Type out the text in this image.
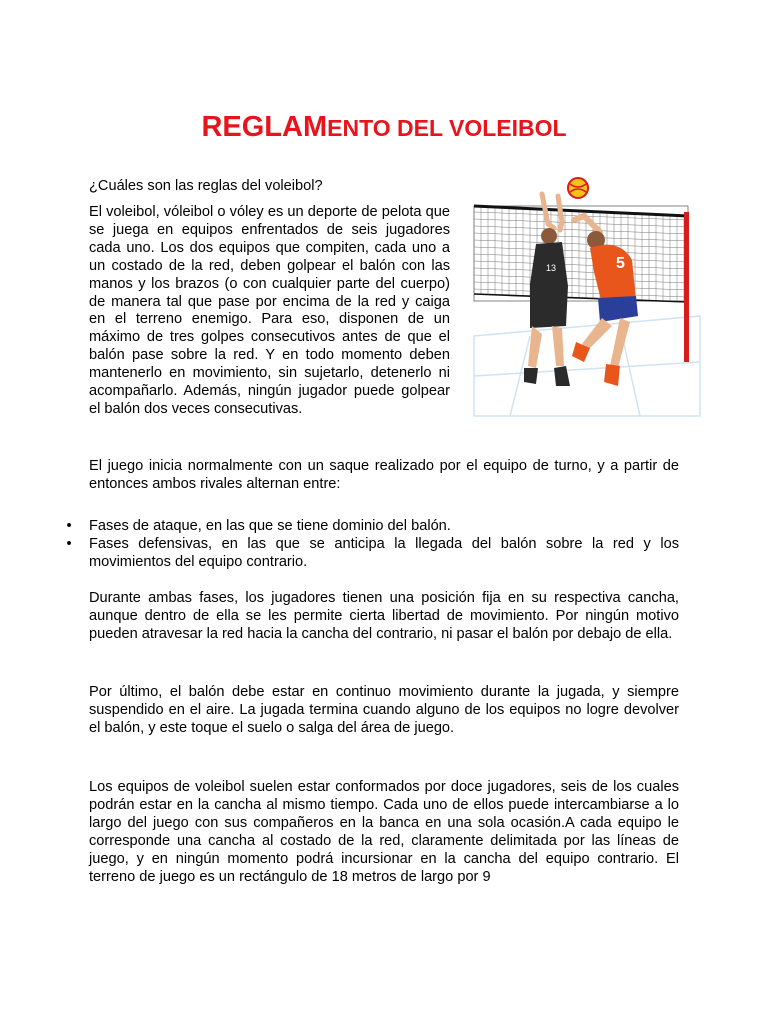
REGLAMENTO DEL VOLEIBOL
¿Cuáles son las reglas del voleibol?

El voleibol, vóleibol o vóley es un deporte de pelota que se juega en equipos enfrentados de seis jugadores cada uno. Los dos equipos que compiten, cada uno a un costado de la red, deben golpear el balón con las manos y los brazos (o con cualquier parte del cuerpo) de manera tal que pase por encima de la red y caiga en el terreno enemigo. Para eso, disponen de un máximo de tres golpes consecutivos antes de que el balón pase sobre la red. Y en todo momento deben mantenerlo en movimiento, sin sujetarlo, detenerlo ni acompañarlo. Además, ningún jugador puede golpear el balón dos veces consecutivas.

13	5

El juego inicia normalmente con un saque realizado por el equipo de turno, y a partir de entonces ambos rivales alternan entre:

• Fases de ataque, en las que se tiene dominio del balón.
• Fases defensivas, en las que se anticipa la llegada del balón sobre la red y los movimientos del equipo contrario.

Durante ambas fases, los jugadores tienen una posición fija en su respectiva cancha, aunque dentro de ella se les permite cierta libertad de movimiento. Por ningún motivo pueden atravesar la red hacia la cancha del contrario, ni pasar el balón por debajo de ella.

Por último, el balón debe estar en continuo movimiento durante la jugada, y siempre suspendido en el aire. La jugada termina cuando alguno de los equipos no logre devolver el balón, y este toque el suelo o salga del área de juego.

Los equipos de voleibol suelen estar conformados por doce jugadores, seis de los cuales podrán estar en la cancha al mismo tiempo. Cada uno de ellos puede intercambiarse a lo largo del juego con sus compañeros en la banca en una sola ocasión.A cada equipo le corresponde una cancha al costado de la red, claramente delimitada por las líneas de juego, y en ningún momento podrá incursionar en la cancha del equipo contrario. El terreno de juego es un rectángulo de 18 metros de largo por 9
